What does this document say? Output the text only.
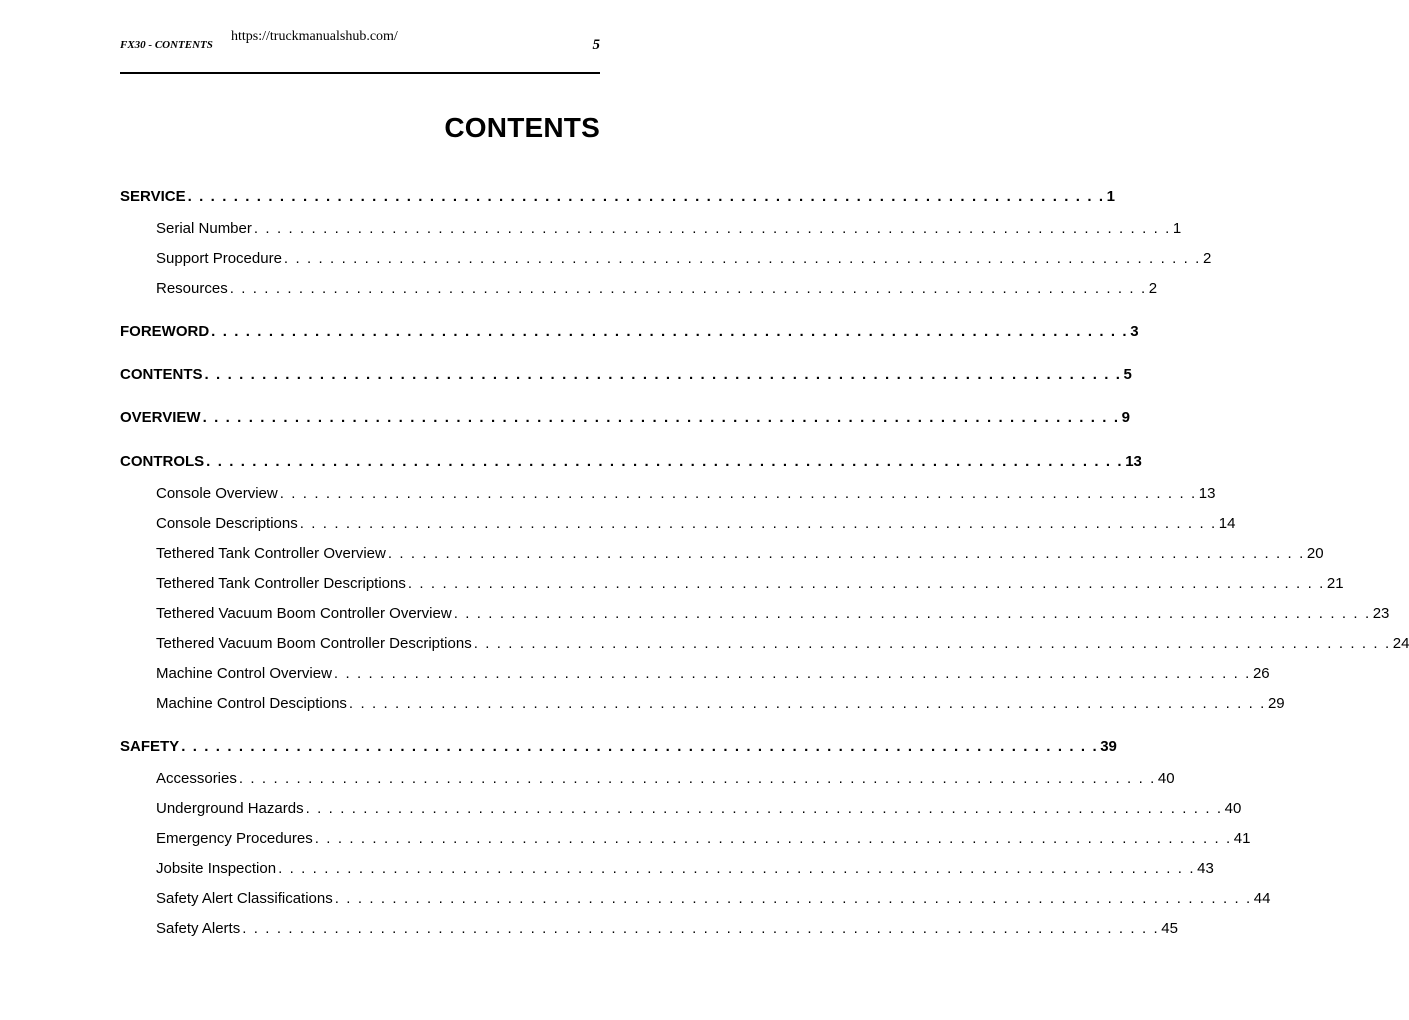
https://truckmanualshub.com/
FX30 - CONTENTS	5
CONTENTS
SERVICE . . . . . . . . . . . . . . . . . . . . . . . . . . . . . . . . . . . . . . . . . . . . . . . . . . . . . . . . . . . . . . . . . . . . . . . . . . . . . . . . 1
Serial Number . . . . . . . . . . . . . . . . . . . . . . . . . . . . . . . . . . . . . . . . . . . . . . . . . . . . . . . . . . . . . . . . . . . . . . . . . . . . . . . . 1
Support Procedure . . . . . . . . . . . . . . . . . . . . . . . . . . . . . . . . . . . . . . . . . . . . . . . . . . . . . . . . . . . . . . . . . . . . . . . . . . . . . . . . 2
Resources . . . . . . . . . . . . . . . . . . . . . . . . . . . . . . . . . . . . . . . . . . . . . . . . . . . . . . . . . . . . . . . . . . . . . . . . . . . . . . . . 2
FOREWORD . . . . . . . . . . . . . . . . . . . . . . . . . . . . . . . . . . . . . . . . . . . . . . . . . . . . . . . . . . . . . . . . . . . . . . . . . . . . . . . . 3
CONTENTS . . . . . . . . . . . . . . . . . . . . . . . . . . . . . . . . . . . . . . . . . . . . . . . . . . . . . . . . . . . . . . . . . . . . . . . . . . . . . . . . 5
OVERVIEW . . . . . . . . . . . . . . . . . . . . . . . . . . . . . . . . . . . . . . . . . . . . . . . . . . . . . . . . . . . . . . . . . . . . . . . . . . . . . . . . 9
CONTROLS . . . . . . . . . . . . . . . . . . . . . . . . . . . . . . . . . . . . . . . . . . . . . . . . . . . . . . . . . . . . . . . . . . . . . . . . . . . . . . . . 13
Console Overview . . . . . . . . . . . . . . . . . . . . . . . . . . . . . . . . . . . . . . . . . . . . . . . . . . . . . . . . . . . . . . . . . . . . . . . . . . . . . . . . 13
Console Descriptions . . . . . . . . . . . . . . . . . . . . . . . . . . . . . . . . . . . . . . . . . . . . . . . . . . . . . . . . . . . . . . . . . . . . . . . . . . . . . . . . 14
Tethered Tank Controller Overview . . . . . . . . . . . . . . . . . . . . . . . . . . . . . . . . . . . . . . . . . . . . . . . . . . . . . . . . . . . . . . . . . . . . . . . . . . . . . . . . 20
Tethered Tank Controller Descriptions . . . . . . . . . . . . . . . . . . . . . . . . . . . . . . . . . . . . . . . . . . . . . . . . . . . . . . . . . . . . . . . . . . . . . . . . . . . . . . . . 21
Tethered Vacuum Boom Controller Overview . . . . . . . . . . . . . . . . . . . . . . . . . . . . . . . . . . . . . . . . . . . . . . . . . . . . . . . . . . . . . . . . . . . . . . . . . . . . . . . . 23
Tethered Vacuum Boom Controller Descriptions . . . . . . . . . . . . . . . . . . . . . . . . . . . . . . . . . . . . . . . . . . . . . . . . . . . . . . . . . . . . . . . . . . . . . . . . . . . . . . . . 24
Machine Control Overview . . . . . . . . . . . . . . . . . . . . . . . . . . . . . . . . . . . . . . . . . . . . . . . . . . . . . . . . . . . . . . . . . . . . . . . . . . . . . . . . 26
Machine Control Desciptions . . . . . . . . . . . . . . . . . . . . . . . . . . . . . . . . . . . . . . . . . . . . . . . . . . . . . . . . . . . . . . . . . . . . . . . . . . . . . . . . 29
SAFETY . . . . . . . . . . . . . . . . . . . . . . . . . . . . . . . . . . . . . . . . . . . . . . . . . . . . . . . . . . . . . . . . . . . . . . . . . . . . . . . . 39
Accessories . . . . . . . . . . . . . . . . . . . . . . . . . . . . . . . . . . . . . . . . . . . . . . . . . . . . . . . . . . . . . . . . . . . . . . . . . . . . . . . . 40
Underground Hazards . . . . . . . . . . . . . . . . . . . . . . . . . . . . . . . . . . . . . . . . . . . . . . . . . . . . . . . . . . . . . . . . . . . . . . . . . . . . . . . . 40
Emergency Procedures . . . . . . . . . . . . . . . . . . . . . . . . . . . . . . . . . . . . . . . . . . . . . . . . . . . . . . . . . . . . . . . . . . . . . . . . . . . . . . . . 41
Jobsite Inspection . . . . . . . . . . . . . . . . . . . . . . . . . . . . . . . . . . . . . . . . . . . . . . . . . . . . . . . . . . . . . . . . . . . . . . . . . . . . . . . . 43
Safety Alert Classifications . . . . . . . . . . . . . . . . . . . . . . . . . . . . . . . . . . . . . . . . . . . . . . . . . . . . . . . . . . . . . . . . . . . . . . . . . . . . . . . . 44
Safety Alerts . . . . . . . . . . . . . . . . . . . . . . . . . . . . . . . . . . . . . . . . . . . . . . . . . . . . . . . . . . . . . . . . . . . . . . . . . . . . . . . . 45
